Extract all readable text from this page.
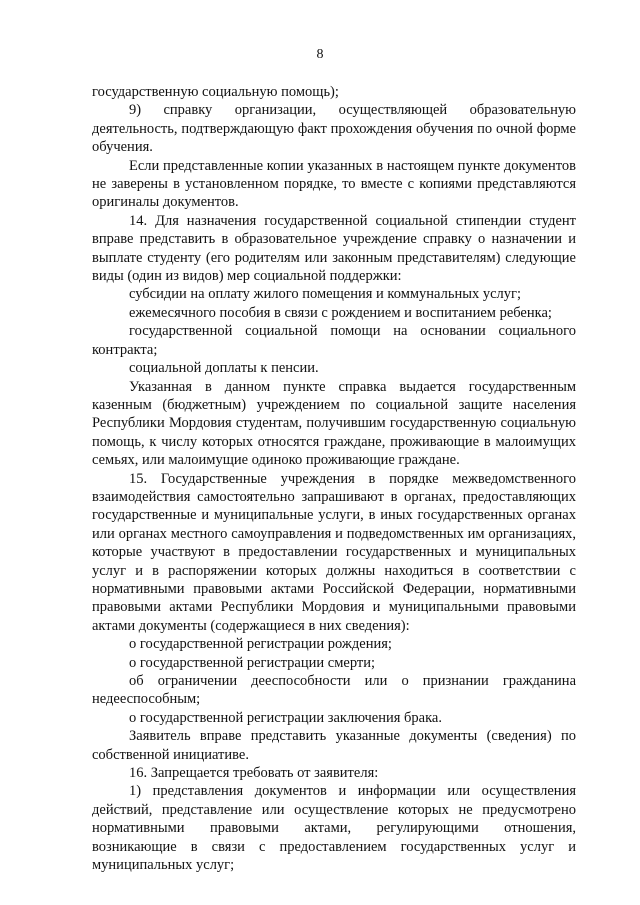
8

государственную социальную помощь);

9) справку организации, осуществляющей образовательную деятельность, подтверждающую факт прохождения обучения по очной форме обучения.

Если представленные копии указанных в настоящем пункте документов не заверены в установленном порядке, то вместе с копиями представляются оригиналы документов.

14. Для назначения государственной социальной стипендии студент вправе представить в образовательное учреждение справку о назначении и выплате студенту (его родителям или законным представителям) следующие виды (один из видов) мер социальной поддержки:

субсидии на оплату жилого помещения и коммунальных услуг;

ежемесячного пособия в связи с рождением и воспитанием ребенка;

государственной социальной помощи на основании социального контракта;

социальной доплаты к пенсии.

Указанная в данном пункте справка выдается государственным казенным (бюджетным) учреждением по социальной защите населения Республики Мордовия студентам, получившим государственную социальную помощь, к числу которых относятся граждане, проживающие в малоимущих семьях, или малоимущие одиноко проживающие граждане.

15. Государственные учреждения в порядке межведомственного взаимодействия самостоятельно запрашивают в органах, предоставляющих государственные и муниципальные услуги, в иных государственных органах или органах местного самоуправления и подведомственных им организациях, которые участвуют в предоставлении государственных и муниципальных услуг и в распоряжении которых должны находиться в соответствии с нормативными правовыми актами Российской Федерации, нормативными правовыми актами Республики Мордовия и муниципальными правовыми актами документы (содержащиеся в них сведения):

о государственной регистрации рождения;

о государственной регистрации смерти;

об ограничении дееспособности или о признании гражданина недееспособным;

о государственной регистрации заключения брака.

Заявитель вправе представить указанные документы (сведения) по собственной инициативе.

16. Запрещается требовать от заявителя:

1) представления документов и информации или осуществления действий, представление или осуществление которых не предусмотрено нормативными правовыми актами, регулирующими отношения, возникающие в связи с предоставлением государственных услуг и муниципальных услуг;
